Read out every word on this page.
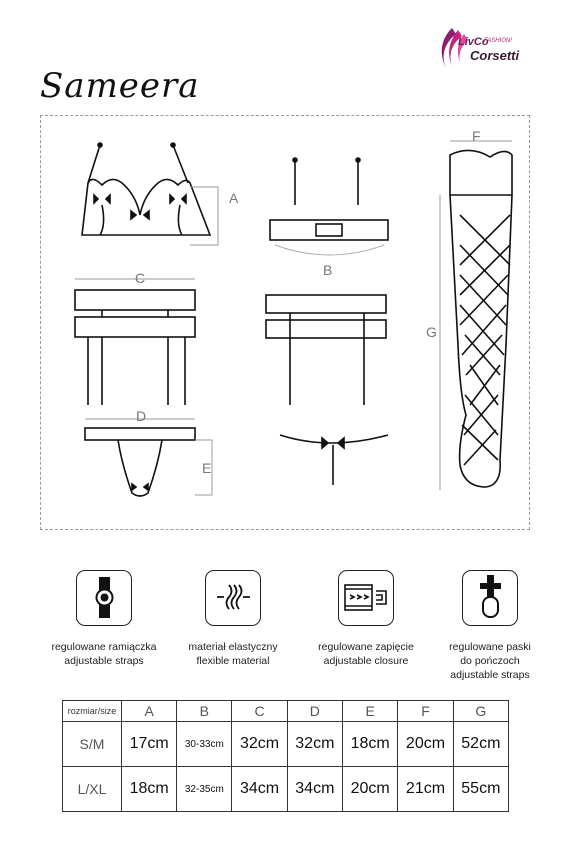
LivCo
FASHION!
Corsetti
Sameera
A
B
C
D
E
F
G
regulowane ramiączka
adjustable straps
materiał elastyczny
flexible material
regulowane zapięcie
adjustable closure
regulowane paski
do pończoch
adjustable straps
rozmiar/size	A	B	C	D	E	F	G
S/M	17cm	30-33cm	32cm	32cm	18cm	20cm	52cm
L/XL	18cm	32-35cm	34cm	34cm	20cm	21cm	55cm
